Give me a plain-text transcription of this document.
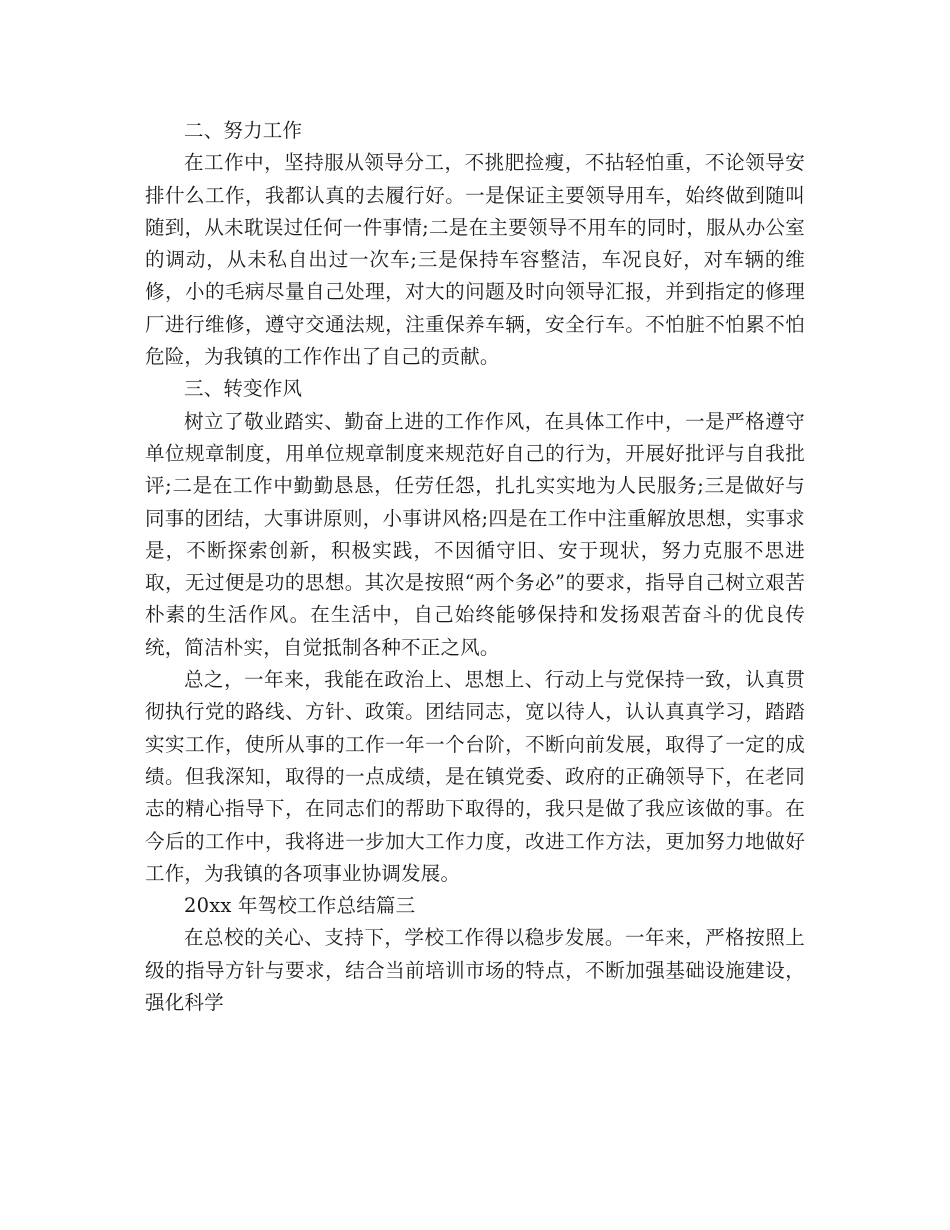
二、努力工作

在工作中，坚持服从领导分工，不挑肥捡瘦，不拈轻怕重，不论领导安排什么工作，我都认真的去履行好。一是保证主要领导用车，始终做到随叫随到，从未耽误过任何一件事情;二是在主要领导不用车的同时，服从办公室的调动，从未私自出过一次车;三是保持车容整洁，车况良好，对车辆的维修，小的毛病尽量自己处理，对大的问题及时向领导汇报，并到指定的修理厂进行维修，遵守交通法规，注重保养车辆，安全行车。不怕脏不怕累不怕危险，为我镇的工作作出了自己的贡献。

三、转变作风

树立了敬业踏实、勤奋上进的工作作风，在具体工作中，一是严格遵守单位规章制度，用单位规章制度来规范好自己的行为，开展好批评与自我批评;二是在工作中勤勤恳恳，任劳任怨，扎扎实实地为人民服务;三是做好与同事的团结，大事讲原则，小事讲风格;四是在工作中注重解放思想，实事求是，不断探索创新，积极实践，不因循守旧、安于现状，努力克服不思进取，无过便是功的思想。其次是按照“两个务必”的要求，指导自己树立艰苦朴素的生活作风。在生活中，自己始终能够保持和发扬艰苦奋斗的优良传统，简洁朴实，自觉抵制各种不正之风。

总之，一年来，我能在政治上、思想上、行动上与党保持一致，认真贯彻执行党的路线、方针、政策。团结同志，宽以待人，认认真真学习，踏踏实实工作，使所从事的工作一年一个台阶，不断向前发展，取得了一定的成绩。但我深知，取得的一点成绩，是在镇党委、政府的正确领导下，在老同志的精心指导下，在同志们的帮助下取得的，我只是做了我应该做的事。在今后的工作中，我将进一步加大工作力度，改进工作方法，更加努力地做好工作，为我镇的各项事业协调发展。

20xx 年驾校工作总结篇三

在总校的关心、支持下，学校工作得以稳步发展。一年来，严格按照上级的指导方针与要求，结合当前培训市场的特点，不断加强基础设施建设，强化科学
